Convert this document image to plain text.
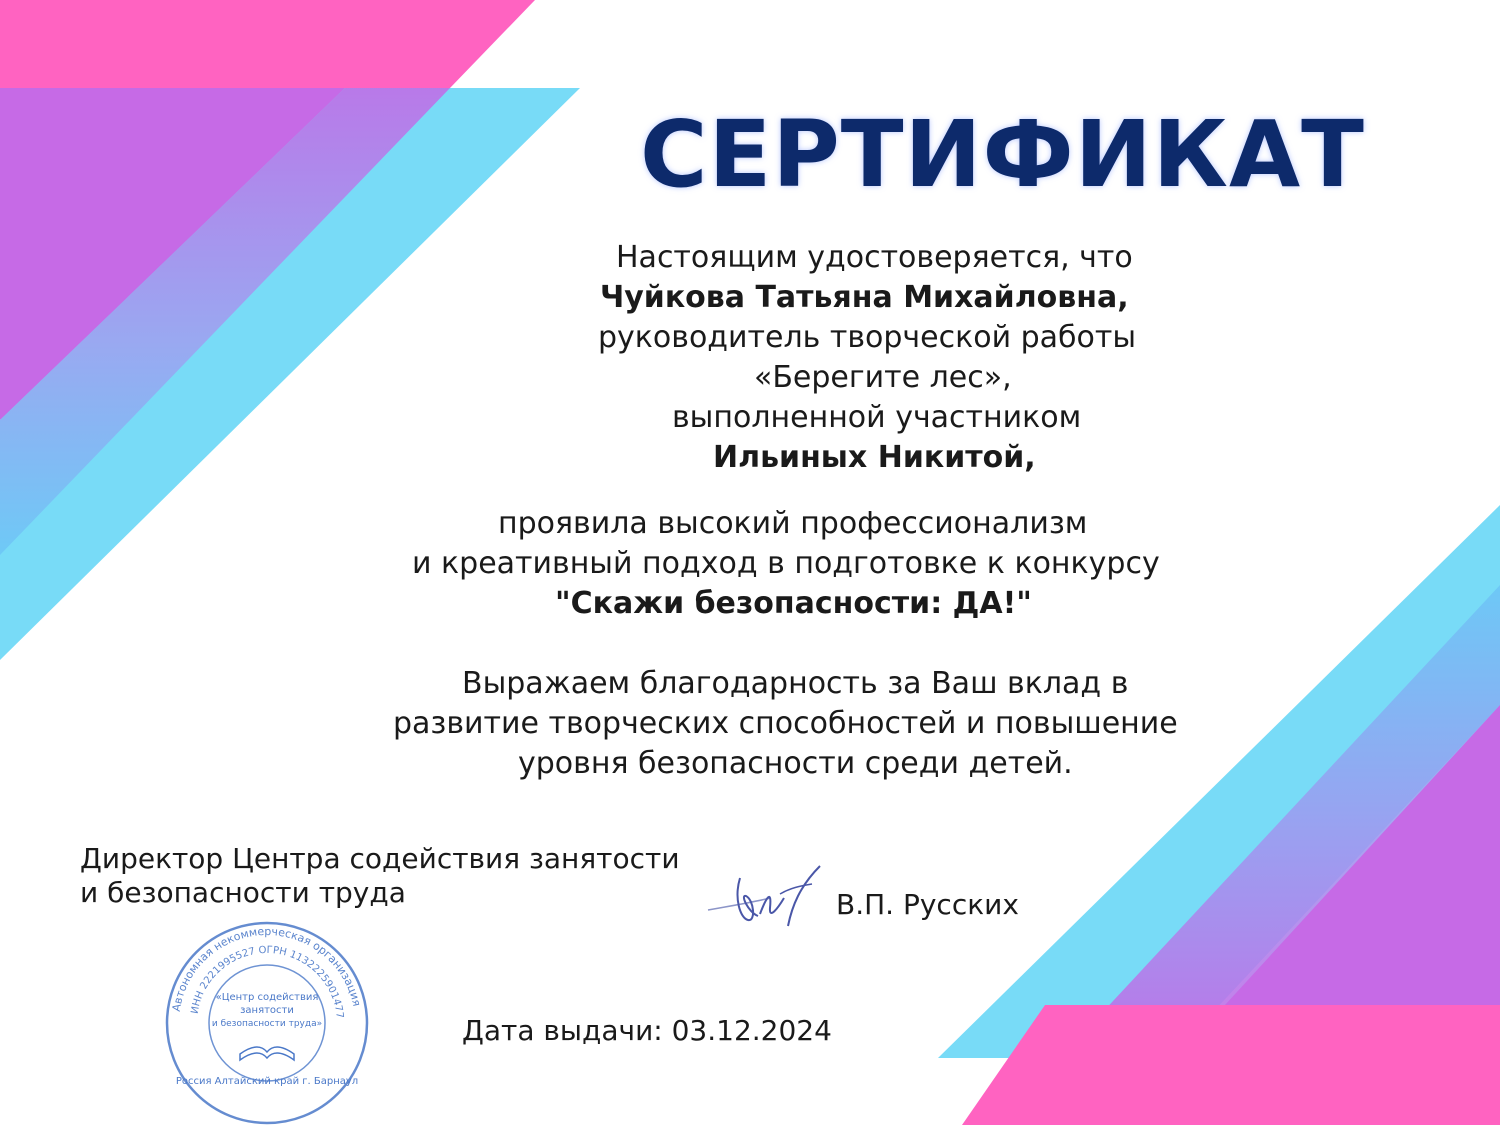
СЕРТИФИКАТ
Настоящим удостоверяется, что
Чуйкова Татьяна Михайловна,
руководитель творческой работы
«Берегите лес»,
выполненной участником
Ильиных Никитой,
проявила высокий профессионализм
и креативный подход в подготовке к конкурсу
"Скажи безопасности: ДА!"
Выражаем благодарность за Ваш вклад в
развитие творческих способностей и повышение
уровня безопасности среди детей.
Директор Центра содействия занятости
и безопасности труда	В.П. Русских
Автономная некоммерческая организация
ИНН 2221995527 ОГРН 1132225901477
«Центр содействия
занятости
и безопасности труда»
Россия Алтайский край г. Барнаул
Дата выдачи: 03.12.2024
